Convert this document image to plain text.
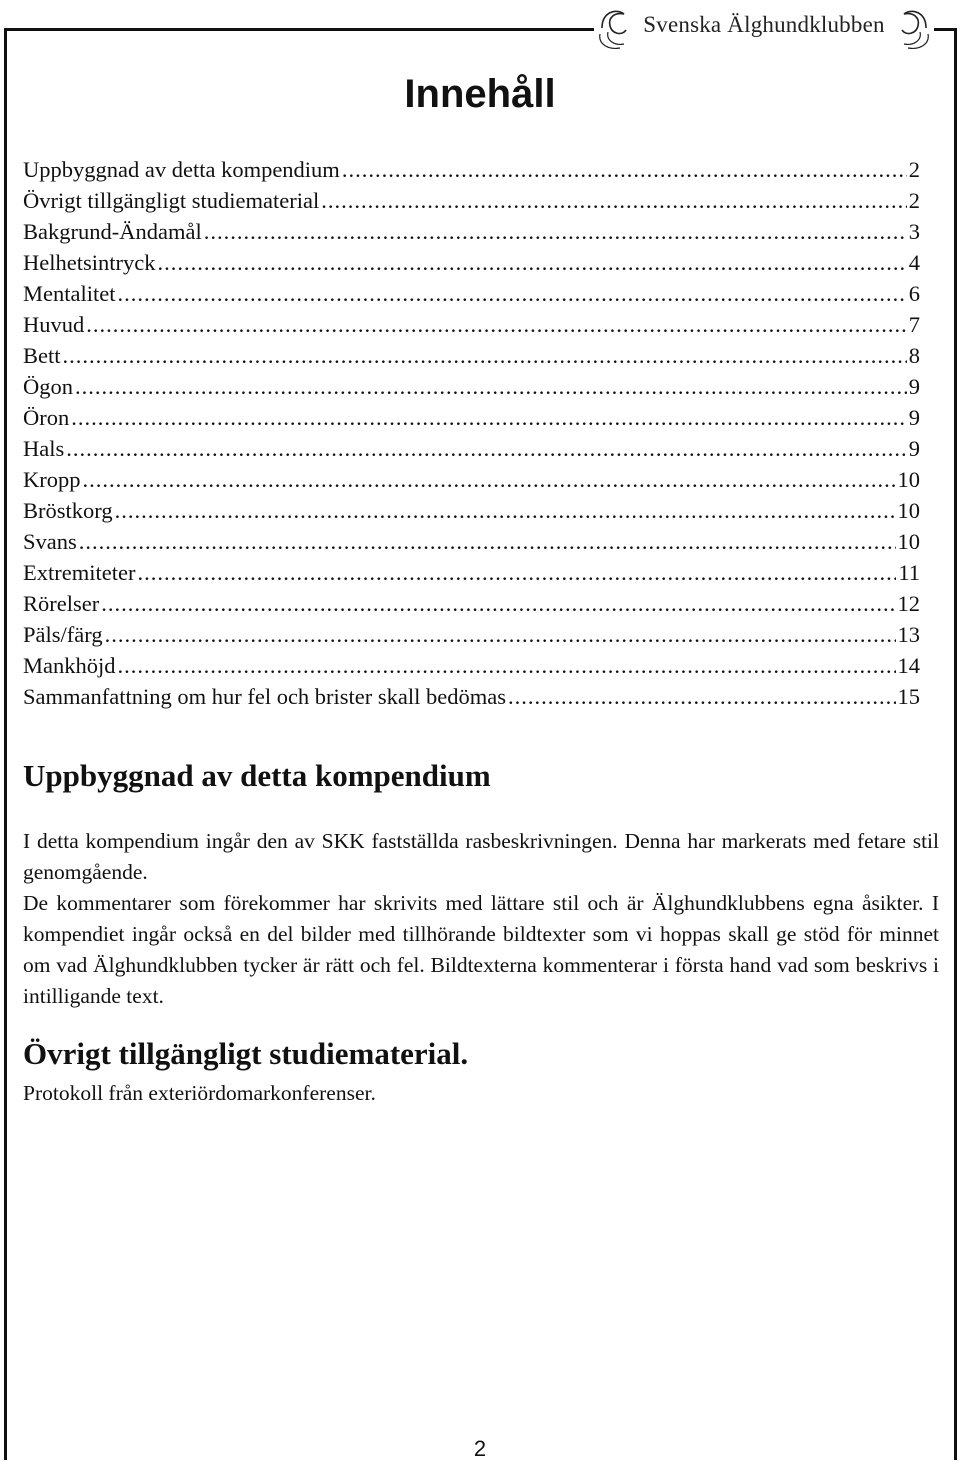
Svenska Älghundklubben
Innehåll
Uppbyggnad av detta kompendium .....	2
Övrigt tillgängligt studiematerial .....	2
Bakgrund-Ändamål .....	3
Helhetsintryck .....	4
Mentalitet .....	6
Huvud .....	7
Bett .....	8
Ögon .....	9
Öron .....	9
Hals .....	9
Kropp .....	10
Bröstkorg .....	10
Svans .....	10
Extremiteter .....	11
Rörelser .....	12
Päls/färg .....	13
Mankhöjd .....	14
Sammanfattning om hur fel och brister skall bedömas .....	15
Uppbyggnad av detta kompendium

I detta kompendium ingår den av SKK fastställda rasbeskrivningen. Denna har markerats med fetare stil genomgående.

De kommentarer som förekommer har skrivits med lättare stil och är Älghundklubbens egna åsikter. I kompendiet ingår också en del bilder med tillhörande bildtexter som vi hoppas skall ge stöd för minnet om vad Älghundklubben tycker är rätt och fel. Bildtexterna kommenterar i första hand vad som beskrivs i intilligande text.

Övrigt tillgängligt studiematerial.
Protokoll från exteriördomarkonferenser.
2
